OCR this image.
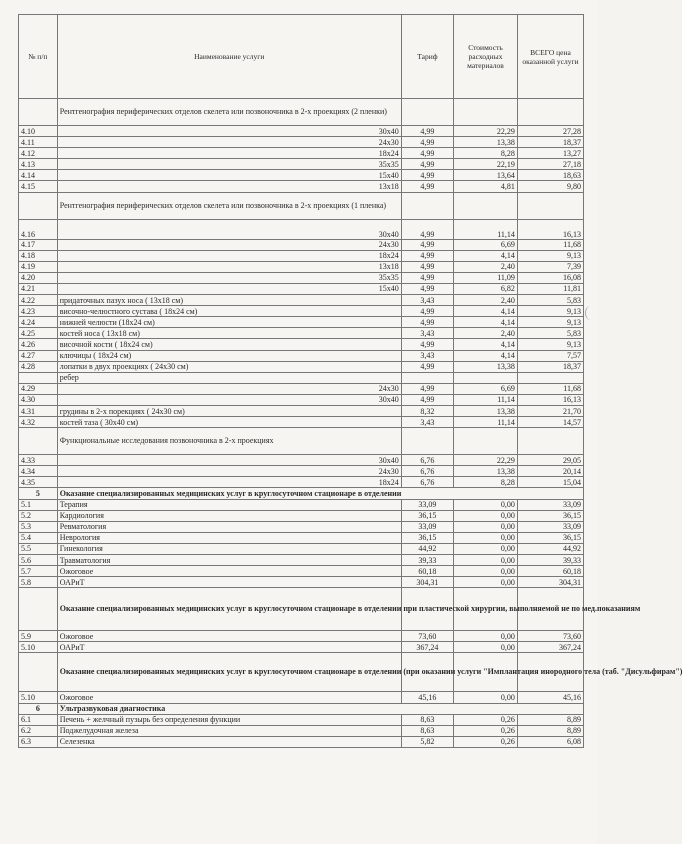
№ п/п	Наименование услуги		Тариф	Стоимость расходных материалов	ВСЕГО цена оказанной услуги
	Рентгенография периферических отделов скелета или позвоночника в 2-х проекциях (2 пленки)				
4.10		30х40	4,99	22,29	27,28
4.11		24х30	4,99	13,38	18,37
4.12		18х24	4,99	8,28	13,27
4.13		35х35	4,99	22,19	27,18
4.14		15х40	4,99	13,64	18,63
4.15		13х18	4,99	4,81	9,80
	Рентгенография периферических отделов скелета или позвоночника в 2-х проекциях (1 пленка)				
4.16		30х40	4,99	11,14	16,13
4.17		24х30	4,99	6,69	11,68
4.18		18х24	4,99	4,14	9,13
4.19		13х18	4,99	2,40	7,39
4.20		35х35	4,99	11,09	16,08
4.21		15х40	4,99	6,82	11,81
4.22	придаточных пазух носа ( 13х18 см)		3,43	2,40	5,83
4.23	височно-челюстного сустава ( 18х24 см)		4,99	4,14	9,13
4.24	нижней челюсти (18х24 см)		4,99	4,14	9,13
4.25	костей носа ( 13х18 см)		3,43	2,40	5,83
4.26	височной кости ( 18х24 см)		4,99	4,14	9,13
4.27	ключицы ( 18х24 см)		3,43	4,14	7,57
4.28	лопатки в двух проекциях ( 24х30 см)		4,99	13,38	18,37
	ребер				
4.29		24х30	4,99	6,69	11,68
4.30		30х40	4,99	11,14	16,13
4.31	грудины в 2-х порекциях ( 24х30 см)		8,32	13,38	21,70
4.32	костей таза ( 30х40 см)		3,43	11,14	14,57
	Функциональные исследования позвоночника в 2-х проекциях				
4.33		30х40	6,76	22,29	29,05
4.34		24х30	6,76	13,38	20,14
4.35		18х24	6,76	8,28	15,04
5	Оказание специализированных медицинских услуг в круглосуточном стационаре в отделении				
5.1	Терапия		33,09	0,00	33,09
5.2	Кардиология		36,15	0,00	36,15
5.3	Ревматология		33,09	0,00	33,09
5.4	Неврология		36,15	0,00	36,15
5.5	Гинекология		44,92	0,00	44,92
5.6	Травматология		39,33	0,00	39,33
5.7	Ожоговое		60,18	0,00	60,18
5.8	ОАРиТ		304,31	0,00	304,31
	Оказание специализированных медицинских услуг в круглосуточном стационаре в отделении при пластической хирургии, выполняемой не по мед.показаниям				
5.9	Ожоговое		73,60	0,00	73,60
5.10	ОАРиТ		367,24	0,00	367,24
	Оказание специализированных медицинских услуг в круглосуточном стационаре в отделении (при оказании услуги "Имплантация инородного тела (таб. "Дисульфирам")				
5.10	Ожоговое		45,16	0,00	45,16
6	Ультразвуковая диагностика				
6.1	Печень + желчный пузырь без определения функции		8,63	0,26	8,89
6.2	Поджелудочная железа		8,63	0,26	8,89
6.3	Селезенка		5,82	0,26	6,08
